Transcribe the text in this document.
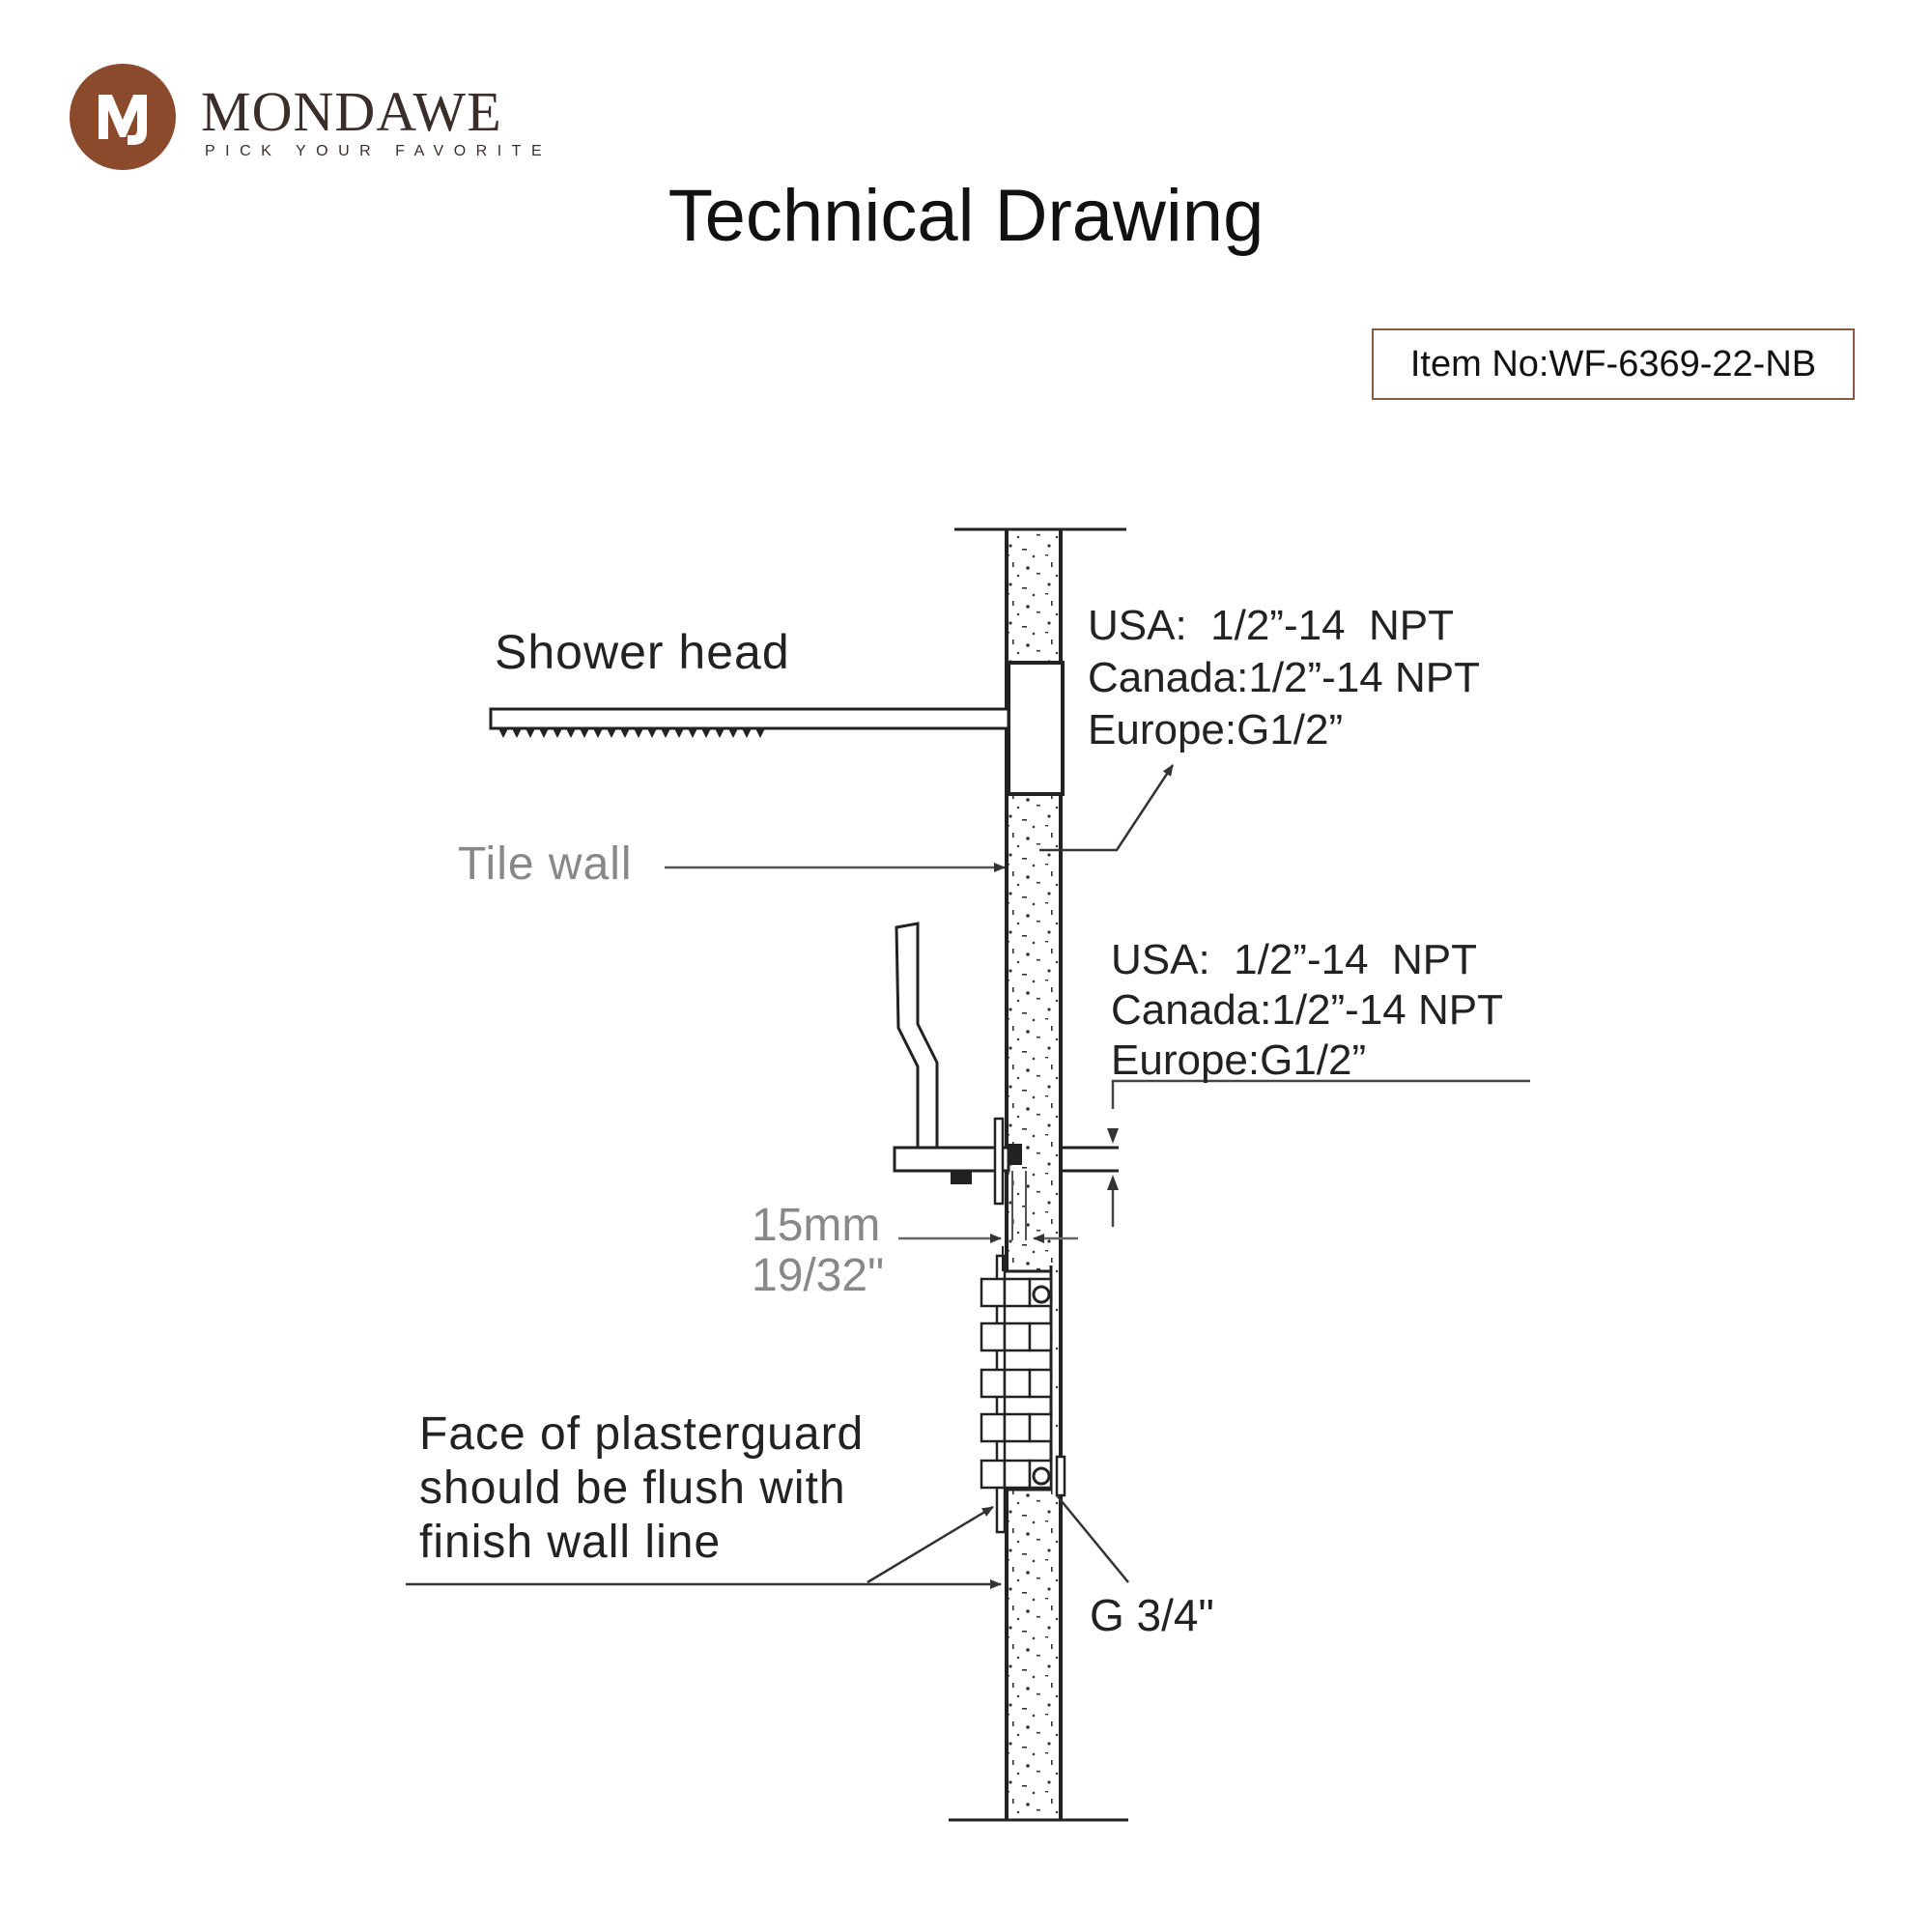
MONDAWE
PICK YOUR FAVORITE
Technical Drawing
Item No:WF-6369-22-NB
Shower head
Tile wall
USA:  1/2”-14  NPT
Canada:1/2”-14 NPT
Europe:G1/2”
USA:  1/2”-14  NPT
Canada:1/2”-14 NPT
Europe:G1/2”
15mm
19/32"
Face of plasterguard
should be flush with
finish wall line
G 3/4"
